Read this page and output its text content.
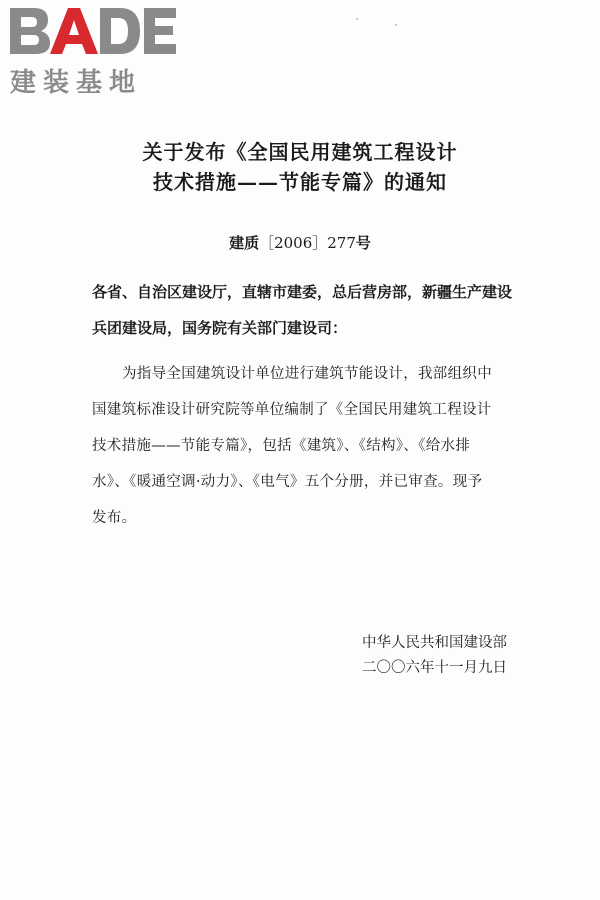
建装基地
关于发布《全国民用建筑工程设计
技术措施——节能专篇》的通知
建质［2006］277号
各省、自治区建设厅，直辖市建委，总后营房部，新疆生产建设
兵团建设局，国务院有关部门建设司：
为指导全国建筑设计单位进行建筑节能设计，我部组织中
国建筑标准设计研究院等单位编制了《全国民用建筑工程设计
技术措施——节能专篇》，包括《建筑》、《结构》、《给水排
水》、《暖通空调·动力》、《电气》五个分册，并已审查。现予
发布。
中华人民共和国建设部
二〇〇六年十一月九日
